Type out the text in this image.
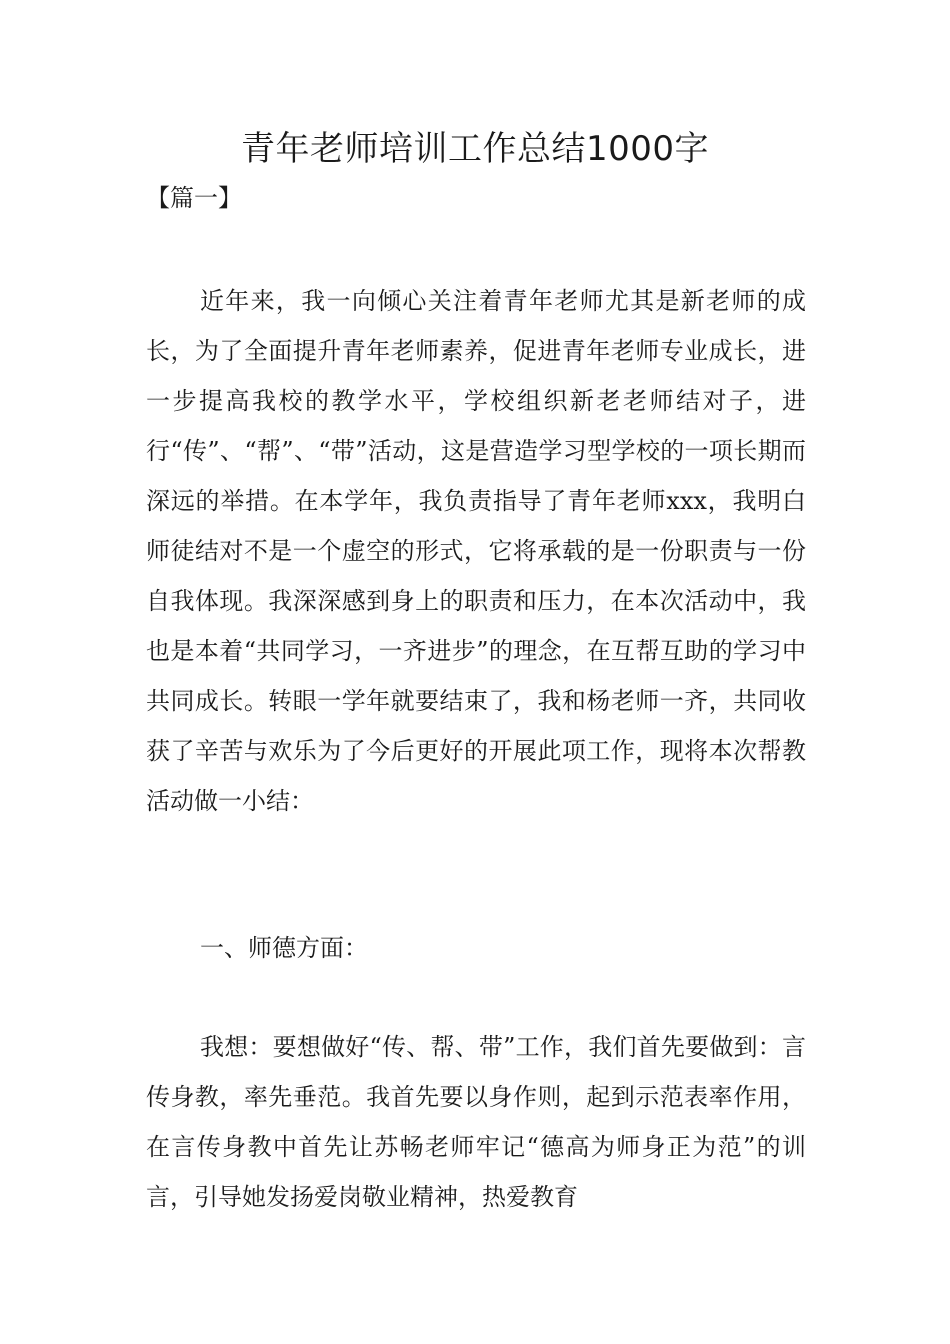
青年老师培训工作总结1000字
【篇一】

近年来，我一向倾心关注着青年老师尤其是新老师的成长，为了全面提升青年老师素养，促进青年老师专业成长，进一步提高我校的教学水平，学校组织新老老师结对子，进行“传”、“帮”、“带”活动，这是营造学习型学校的一项长期而深远的举措。在本学年，我负责指导了青年老师xxx，我明白师徒结对不是一个虚空的形式，它将承载的是一份职责与一份自我体现。我深深感到身上的职责和压力，在本次活动中，我也是本着“共同学习，一齐进步”的理念，在互帮互助的学习中共同成长。转眼一学年就要结束了，我和杨老师一齐，共同收获了辛苦与欢乐为了今后更好的开展此项工作，现将本次帮教活动做一小结：

一、师德方面：

我想：要想做好“传、帮、带”工作，我们首先要做到：言传身教，率先垂范。我首先要以身作则，起到示范表率作用，在言传身教中首先让苏畅老师牢记“德高为师身正为范”的训言，引导她发扬爱岗敬业精神，热爱教育
